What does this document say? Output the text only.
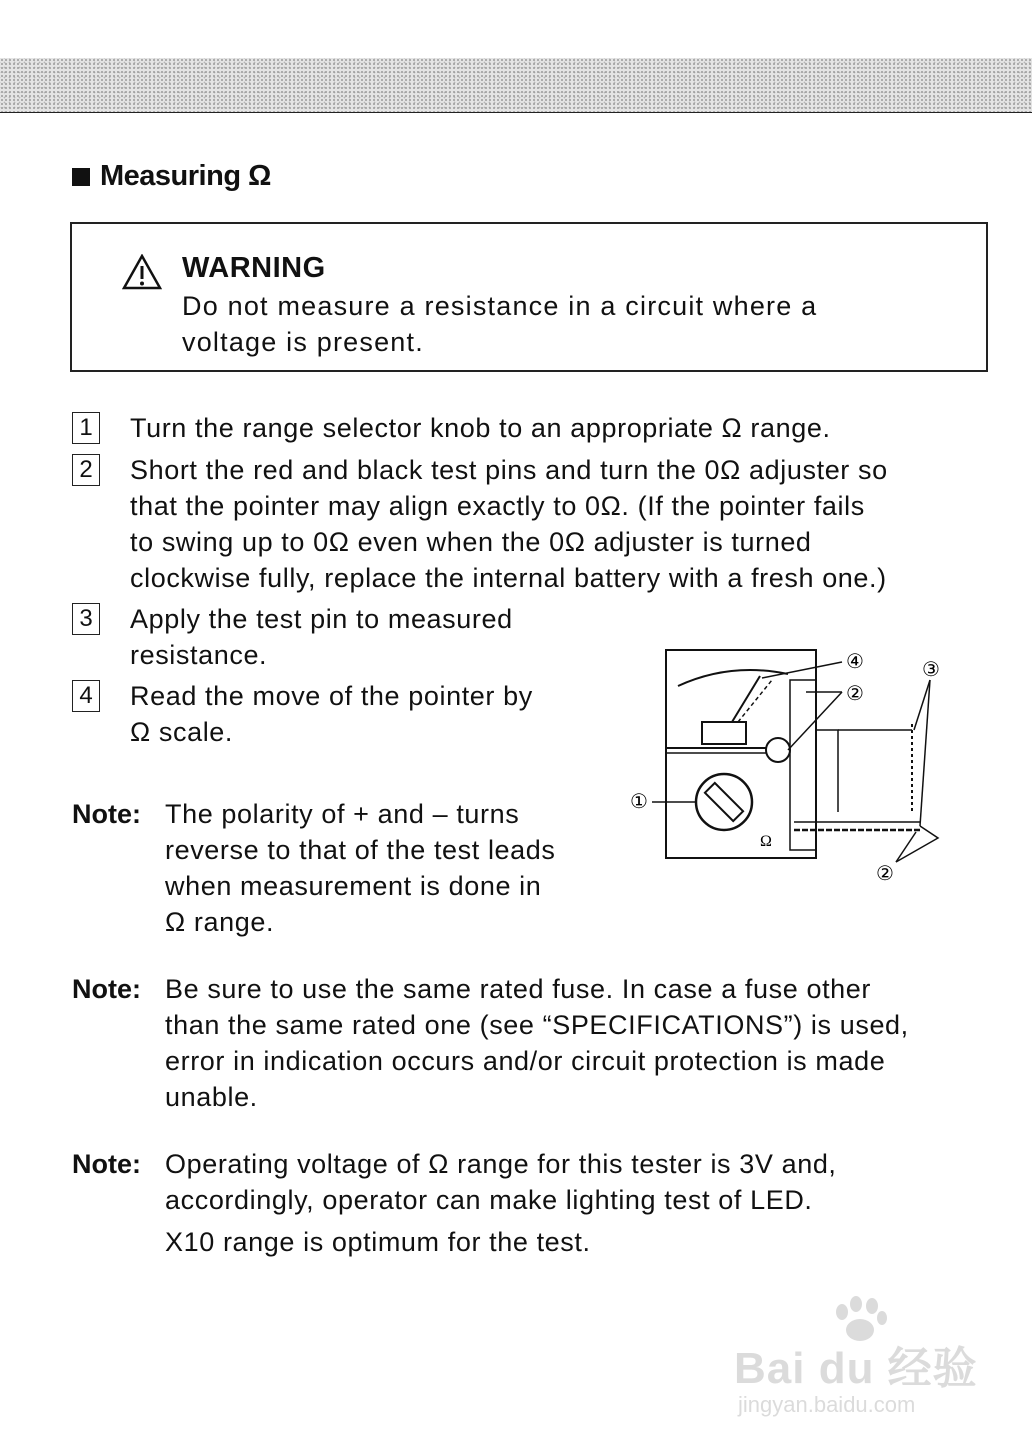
Measuring Ω
WARNING
Do not measure a resistance in a circuit where a
voltage is present.
1 Turn the range selector knob to an appropriate Ω range.
2 Short the red and black test pins and turn the 0Ω adjuster so
that the pointer may align exactly to 0Ω. (If the pointer fails
to swing up to 0Ω even when the 0Ω adjuster is turned
clockwise fully, replace the internal battery with a fresh one.)
3 Apply the test pin to measured
resistance.
4 Read the move of the pointer by
Ω scale.
Note: The polarity of + and – turns
reverse to that of the test leads
when measurement is done in
Ω range.
Ω
①
④
②
③
②
Note: Be sure to use the same rated fuse. In case a fuse other
than the same rated one (see “SPECIFICATIONS”) is used,
error in indication occurs and/or circuit protection is made
unable.
Note: Operating voltage of Ω range for this tester is 3V and,
accordingly, operator can make lighting test of LED.
X10 range is optimum for the test.
Bai du 经验
jingyan.baidu.com
